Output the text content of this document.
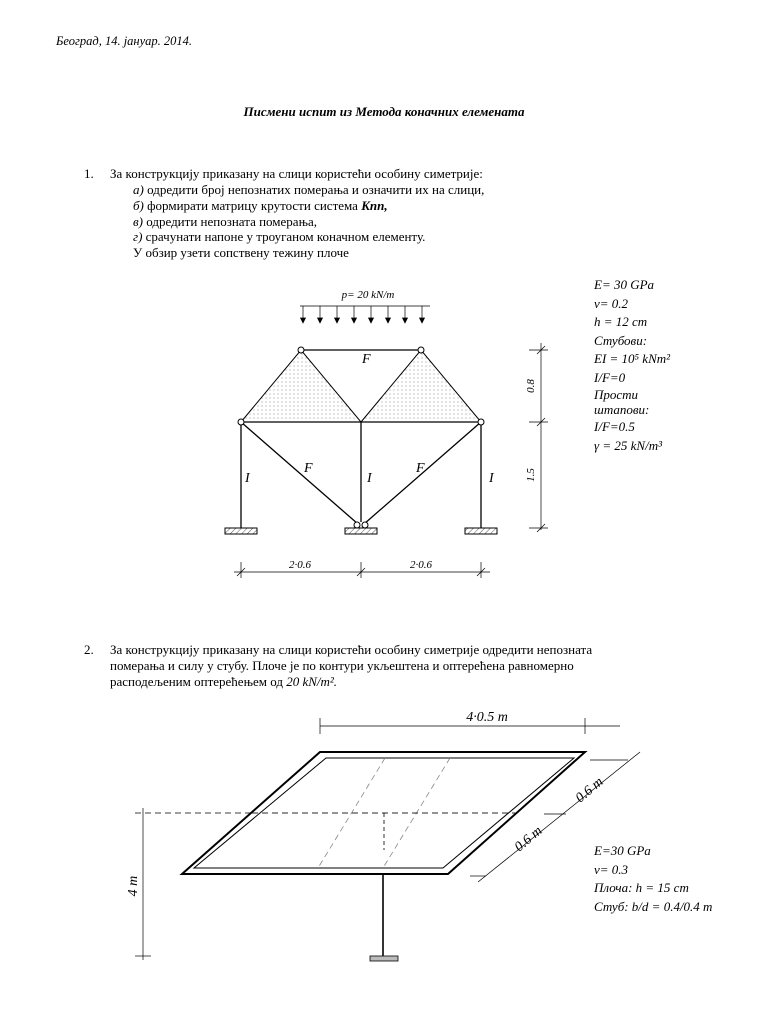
Београд, 14. јануар. 2014.
Писмени испит из Метода коначних елемената
1. За конструкцију приказану на слици користећи особину симетрије:
а) одредити број непознатих померања и означити их на слици,
б) формирати матрицу крутости система Knn,
в) одредити непозната померања,
г) срачунати напоне у троуганом коначном елементу.
У обзир узети сопствену тежину плоче
E= 30 GPa
ν= 0.2
h = 12 cm
Стубови:
EI = 10⁵ kNm²
I/F=0
Прости
штапови:
I/F=0.5
γ = 25 kN/m³
p= 20 kN/m
F
F	F
I	I	I
0.8
1.5
2·0.6	2·0.6
2. За конструкцију приказану на слици користећи особину симетрије одредити непозната
померања и силу у стубу. Плоче је по контури укљештена и оптерећена равномерно
расподељеним оптерећењем од 20 kN/m².
E=30 GPa
ν= 0.3
Плоча: h = 15 cm
Стуб: b/d = 0.4/0.4 m
4·0.5 m
0.6 m
0.6 m
4 m
